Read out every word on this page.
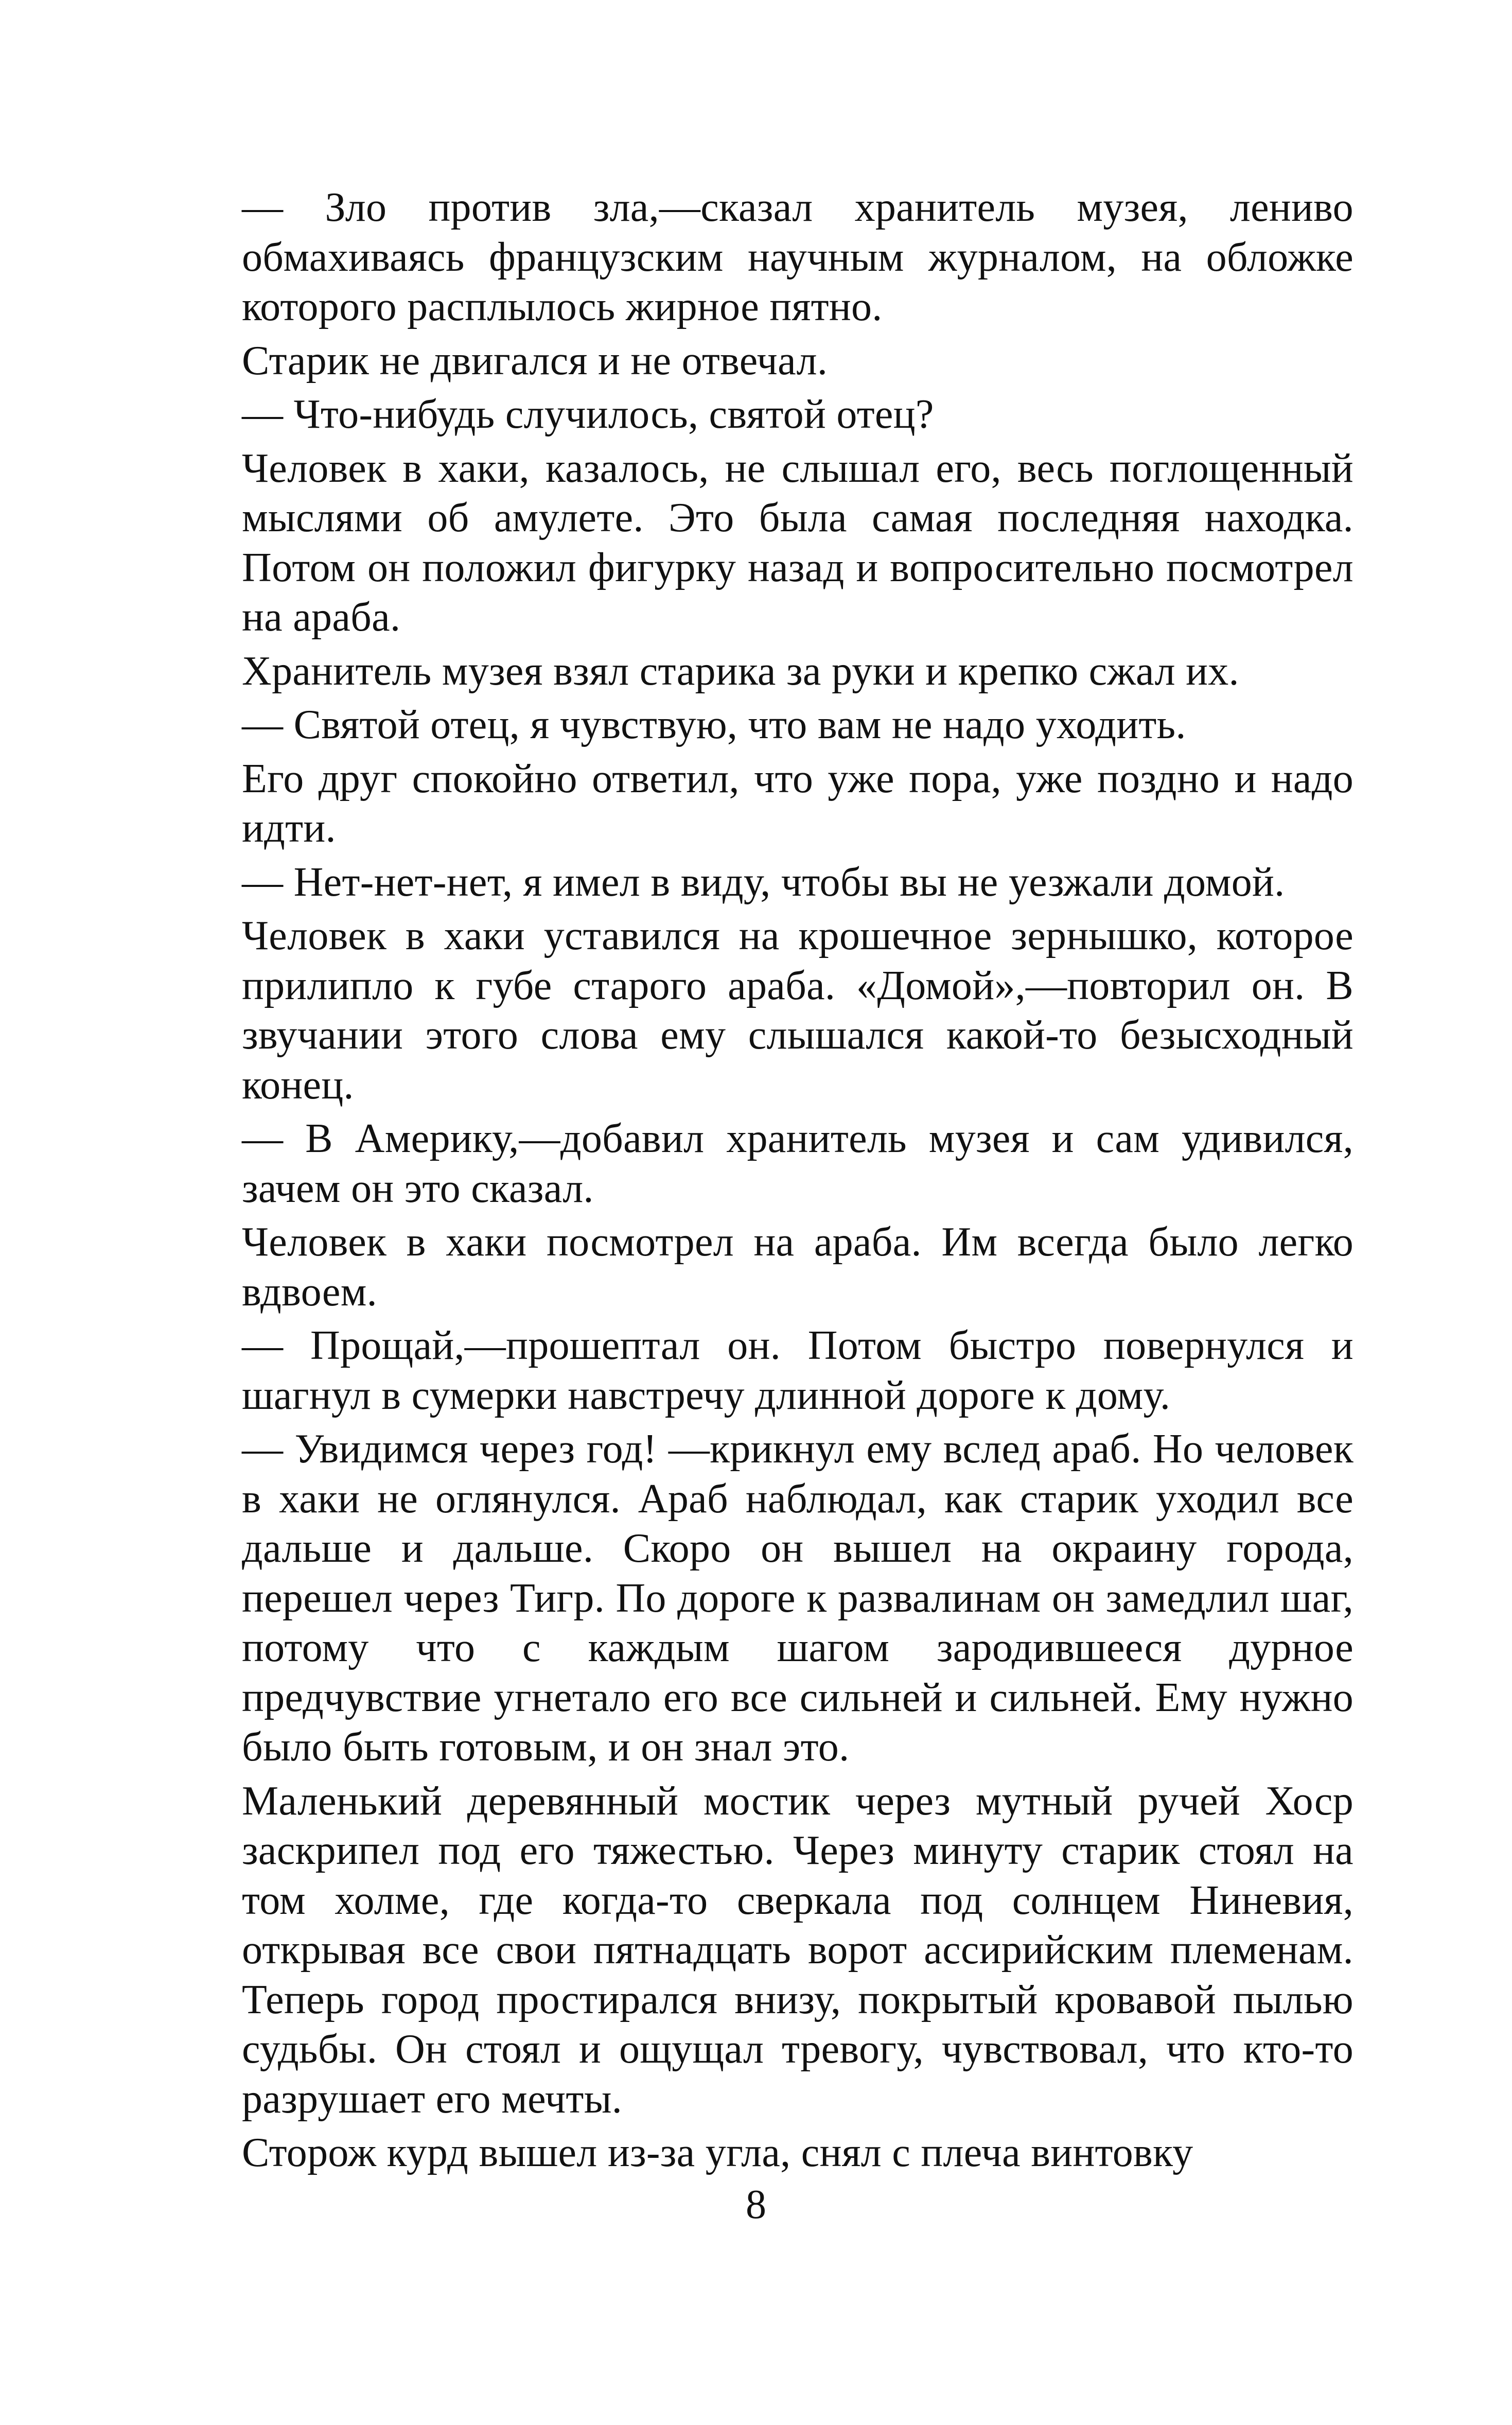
— Зло против зла,—сказал хранитель музея, лениво обмахиваясь французским научным журналом, на обложке которого расплылось жирное пятно.

Старик не двигался и не отвечал.

— Что-нибудь случилось, святой отец?

Человек в хаки, казалось, не слышал его, весь поглощенный мыслями об амулете. Это была самая последняя находка. Потом он положил фигурку назад и вопросительно посмотрел на араба.

Хранитель музея взял старика за руки и крепко сжал их.

— Святой отец, я чувствую, что вам не надо уходить.

Его друг спокойно ответил, что уже пора, уже поздно и надо идти.

— Нет-нет-нет, я имел в виду, чтобы вы не уезжали домой.

Человек в хаки уставился на крошечное зернышко, которое прилипло к губе старого араба. «Домой»,—повторил он. В звучании этого слова ему слышался какой-то безысходный конец.

— В Америку,—добавил хранитель музея и сам удивился, зачем он это сказал.

Человек в хаки посмотрел на араба. Им всегда было легко вдвоем.

— Прощай,—прошептал он. Потом быстро повернулся и шагнул в сумерки навстречу длинной дороге к дому.

— Увидимся через год! —крикнул ему вслед араб. Но человек в хаки не оглянулся. Араб наблюдал, как старик уходил все дальше и дальше. Скоро он вышел на окраину города, перешел через Тигр. По дороге к развалинам он замедлил шаг, потому что с каждым шагом зародившееся дурное предчувствие угнетало его все сильней и сильней. Ему нужно было быть готовым, и он знал это.

Маленький деревянный мостик через мутный ручей Хоср заскрипел под его тяжестью. Через минуту старик стоял на том холме, где когда-то сверкала под солнцем Ниневия, открывая все свои пятнадцать ворот ассирийским племенам. Теперь город простирался внизу, покрытый кровавой пылью судьбы. Он стоял и ощущал тревогу, чувствовал, что кто-то разрушает его мечты.

Сторож курд вышел из-за угла, снял с плеча винтовку

8
